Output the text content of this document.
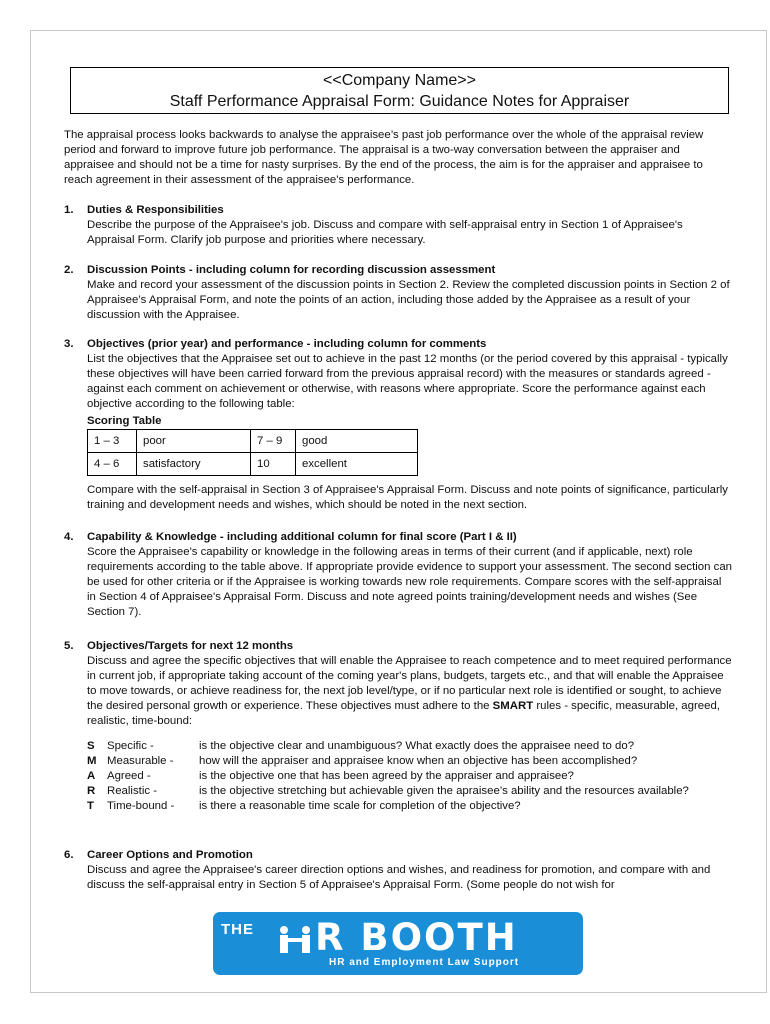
<<Company Name>>
Staff Performance Appraisal Form: Guidance Notes for Appraiser
The appraisal process looks backwards to analyse the appraisee’s past job performance over the whole of the appraisal review period and forward to improve future job performance. The appraisal is a two-way conversation between the appraiser and appraisee and should not be a time for nasty surprises. By the end of the process, the aim is for the appraiser and appraisee to reach agreement in their assessment of the appraisee's performance.
1. Duties & Responsibilities
Describe the purpose of the Appraisee's job. Discuss and compare with self-appraisal entry in Section 1 of Appraisee's Appraisal Form. Clarify job purpose and priorities where necessary.
2. Discussion Points - including column for recording discussion assessment
Make and record your assessment of the discussion points in Section 2. Review the completed discussion points in Section 2 of Appraisee’s Appraisal Form, and note the points of an action, including those added by the Appraisee as a result of your discussion with the Appraisee.
3. Objectives (prior year) and performance - including column for comments
List the objectives that the Appraisee set out to achieve in the past 12 months (or the period covered by this appraisal - typically these objectives will have been carried forward from the previous appraisal record) with the measures or standards agreed - against each comment on achievement or otherwise, with reasons where appropriate. Score the performance against each objective according to the following table:
Scoring Table
1 – 3	poor	7 – 9	good
4 – 6	satisfactory	10	excellent
Compare with the self-appraisal in Section 3 of Appraisee's Appraisal Form. Discuss and note points of significance, particularly training and development needs and wishes, which should be noted in the next section.
4. Capability & Knowledge - including additional column for final score (Part I & II)
Score the Appraisee's capability or knowledge in the following areas in terms of their current (and if applicable, next) role requirements according to the table above. If appropriate provide evidence to support your assessment. The second section can be used for other criteria or if the Appraisee is working towards new role requirements. Compare scores with the self-appraisal in Section 4 of Appraisee's Appraisal Form. Discuss and note agreed points training/development needs and wishes (See Section 7).
5. Objectives/Targets for next 12 months
Discuss and agree the specific objectives that will enable the Appraisee to reach competence and to meet required performance in current job, if appropriate taking account of the coming year's plans, budgets, targets etc., and that will enable the Appraisee to move towards, or achieve readiness for, the next job level/type, or if no particular next role is identified or sought, to achieve the desired personal growth or experience. These objectives must adhere to the SMART rules - specific, measurable, agreed, realistic, time-bound:
S	Specific -	is the objective clear and unambiguous? What exactly does the appraisee need to do?
M Measurable -	how will the appraiser and appraisee know when an objective has been accomplished?
A	Agreed -	is the objective one that has been agreed by the appraiser and appraisee?
R	Realistic -	is the objective stretching but achievable given the apraisee’s ability and the resources available?
T	Time-bound -	is there a reasonable time scale for completion of the objective?
6. Career Options and Promotion
Discuss and agree the Appraisee's career direction options and wishes, and readiness for promotion, and compare with and discuss the self-appraisal entry in Section 5 of Appraisee's Appraisal Form. (Some people do not wish for
THE	R BOOTH
HR and Employment Law Support
